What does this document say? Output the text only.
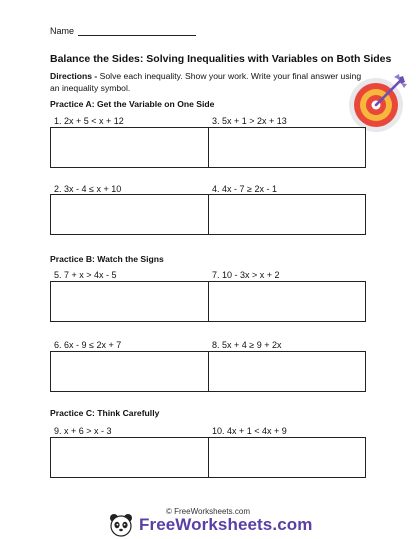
Name
Balance the Sides: Solving Inequalities with Variables on Both Sides
Directions - Solve each inequality. Show your work. Write your final answer using an inequality symbol.
Practice A: Get the Variable on One Side
1. 2x + 5 < x + 12	3. 5x + 1 > 2x + 13
2. 3x - 4 ≤ x + 10	4. 4x - 7 ≥ 2x - 1
Practice B: Watch the Signs
5. 7 + x > 4x - 5	7. 10 - 3x > x + 2
6. 6x - 9 ≤ 2x + 7	8. 5x + 4 ≥ 9 + 2x
Practice C: Think Carefully
9. x + 6 > x - 3	10. 4x + 1 < 4x + 9
© FreeWorksheets.com
FreeWorksheets.com
